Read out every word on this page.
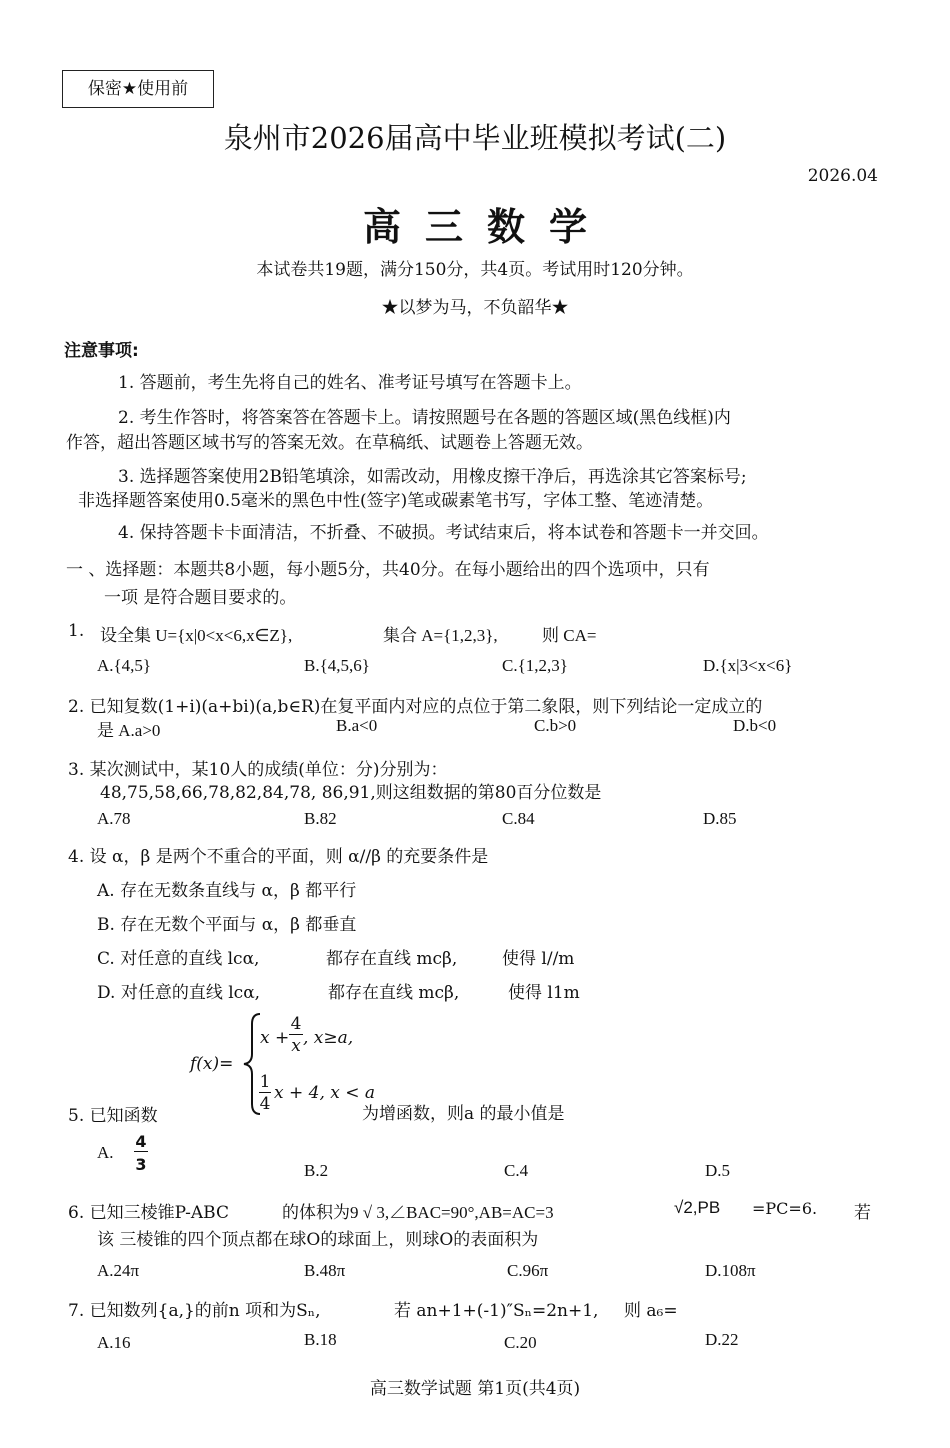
保密★使用前
泉州市2026届高中毕业班模拟考试(二)
2026.04
高三数学
本试卷共19题，满分150分，共4页。考试用时120分钟。
★以梦为马，不负韶华★
注意事项:
1. 答题前，考生先将自己的姓名、准考证号填写在答题卡上。
2. 考生作答时，将答案答在答题卡上。请按照题号在各题的答题区域(黑色线框)内
作答，超出答题区域书写的答案无效。在草稿纸、试题卷上答题无效。
3. 选择题答案使用2B铅笔填涂，如需改动，用橡皮擦干净后，再选涂其它答案标号;
非选择题答案使用0.5毫米的黑色中性(签字)笔或碳素笔书写，字体工整、笔迹清楚。
4. 保持答题卡卡面清洁，不折叠、不破损。考试结束后，将本试卷和答题卡一并交回。
一 、选择题：本题共8小题，每小题5分，共40分。在每小题给出的四个选项中，只有
一项 是符合题目要求的。
1. 设全集 U={x|0<x<6,x∈Z},	集合 A={1,2,3},	则 CA=
A.{4,5}	B.{4,5,6}	C.{1,2,3}	D.{x|3<x<6}
2. 已知复数(1+i)(a+bi)(a,b∈R)在复平面内对应的点位于第二象限，则下列结论一定成立的
是 A.a>0	B.a<0	C.b>0	D.b<0
3. 某次测试中，某10人的成绩(单位：分)分别为：
48,75,58,66,78,82,84,78, 86,91,则这组数据的第80百分位数是
A.78	B.82	C.84	D.85
4. 设 α，β 是两个不重合的平面，则 α//β 的充要条件是
A. 存在无数条直线与 α，β 都平行
B. 存在无数个平面与 α，β 都垂直
C. 对任意的直线 lcα,	都存在直线 mcβ,	使得 l//m
D. 对任意的直线 lcα,	都存在直线 mcβ,	使得 l1m
5. 已知函数
f(x)=
x +
4
x , x≥a,
1
4
x + 4, x < a
为增函数，则a 的最小值是
A.
4
3	B.2	C.4	D.5
6. 已知三棱锥P-ABC	的体积为9 √ 3,∠BAC=90°,AB=AC=3	√2,PB =PC=6. 若
该 三棱锥的四个顶点都在球O的球面上，则球O的表面积为
A.24π	B.48π	C.96π	D.108π
7. 已知数列{a,}的前n 项和为Sₙ,	若 an+1+(-1)″Sₙ=2n+1, 则 a₆=
A.16	B.18	C.20	D.22
高三数学试题 第1页(共4页)
